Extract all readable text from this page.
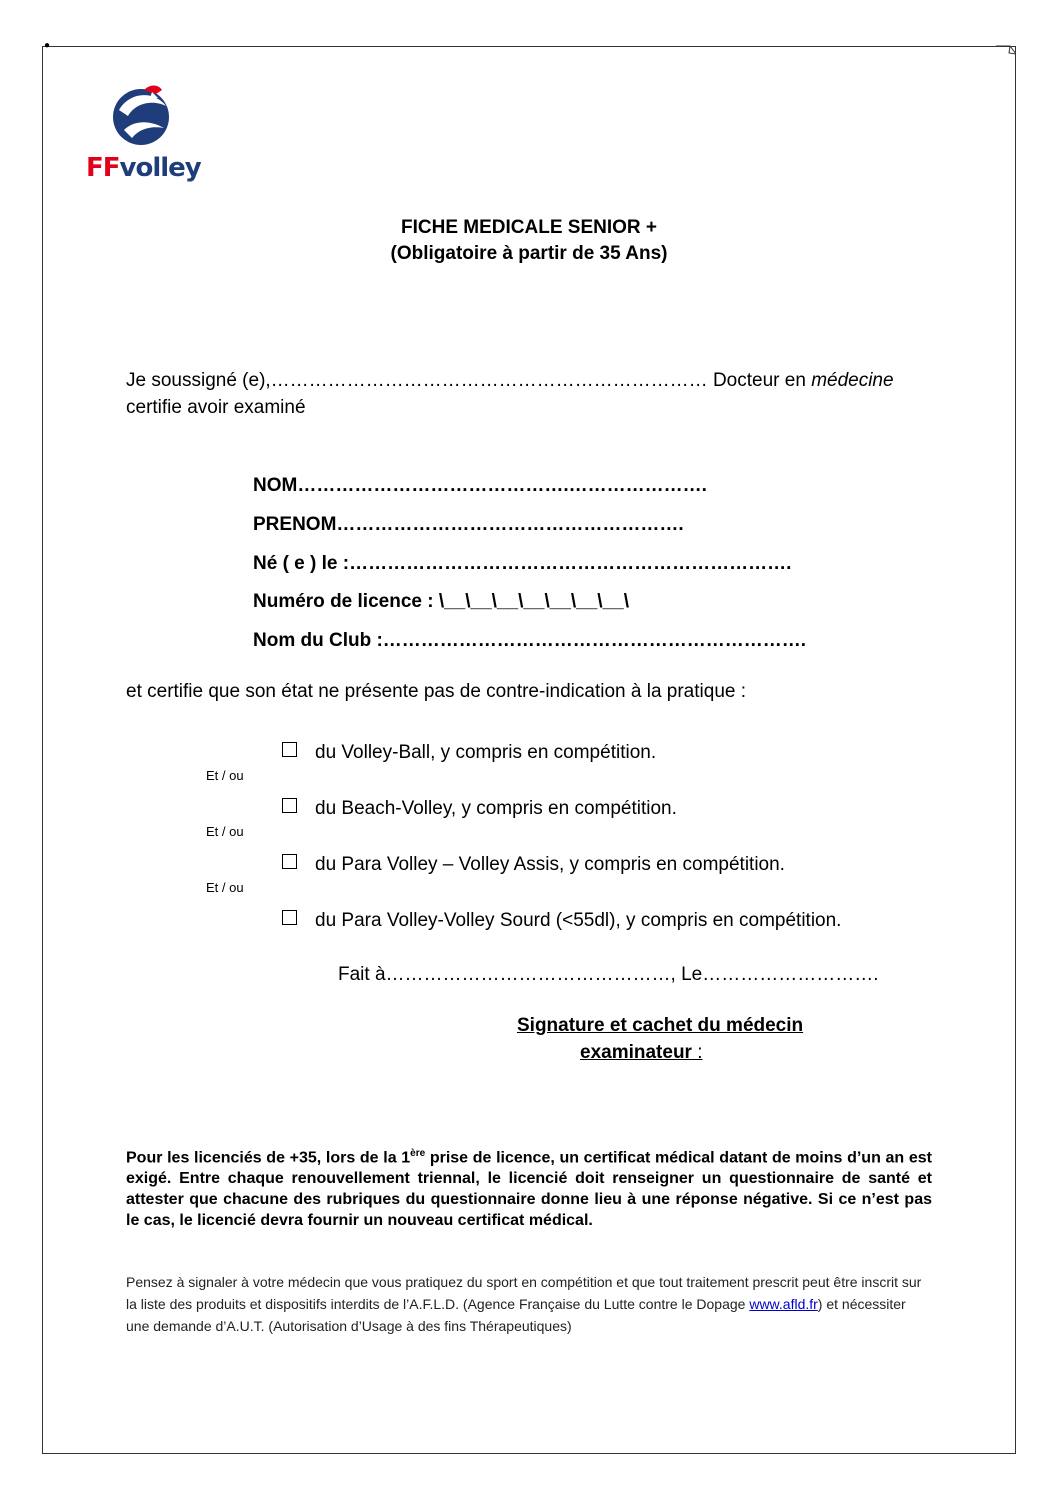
●
FFvolley
FICHE MEDICALE SENIOR +
(Obligatoire à partir de 35 Ans)
Je soussigné (e),…………………………………………………………… Docteur en médecine
certifie avoir examiné
NOM…………………………………….………………….
PRENOM……………………………………………….
Né ( e ) le :…………………………………………………………….
Numéro de licence : \__\__\__\__\__\__\__\
Nom du Club :………………………………………………………….
et certifie que son état ne présente pas de contre-indication à la pratique :
du Volley-Ball, y compris en compétition.
Et / ou
du Beach-Volley, y compris en compétition.
Et / ou
du Para Volley – Volley Assis, y compris en compétition.
Et / ou
du Para Volley-Volley Sourd (<55dl), y compris en compétition.
Fait à………………………………………, Le……………………….
Signature et cachet du médecin
examinateur :
Pour les licenciés de +35, lors de la 1ère prise de licence, un certificat médical datant de moins d’un an est exigé. Entre chaque renouvellement triennal, le licencié doit renseigner un questionnaire de santé et attester que chacune des rubriques du questionnaire donne lieu à une réponse négative. Si ce n’est pas le cas, le licencié devra fournir un nouveau certificat médical.
Pensez à signaler à votre médecin que vous pratiquez du sport en compétition et que tout traitement prescrit peut être inscrit sur la liste des produits et dispositifs interdits de l’A.F.L.D. (Agence Française du Lutte contre le Dopage www.afld.fr) et nécessiter une demande d’A.U.T. (Autorisation d’Usage à des fins Thérapeutiques)
